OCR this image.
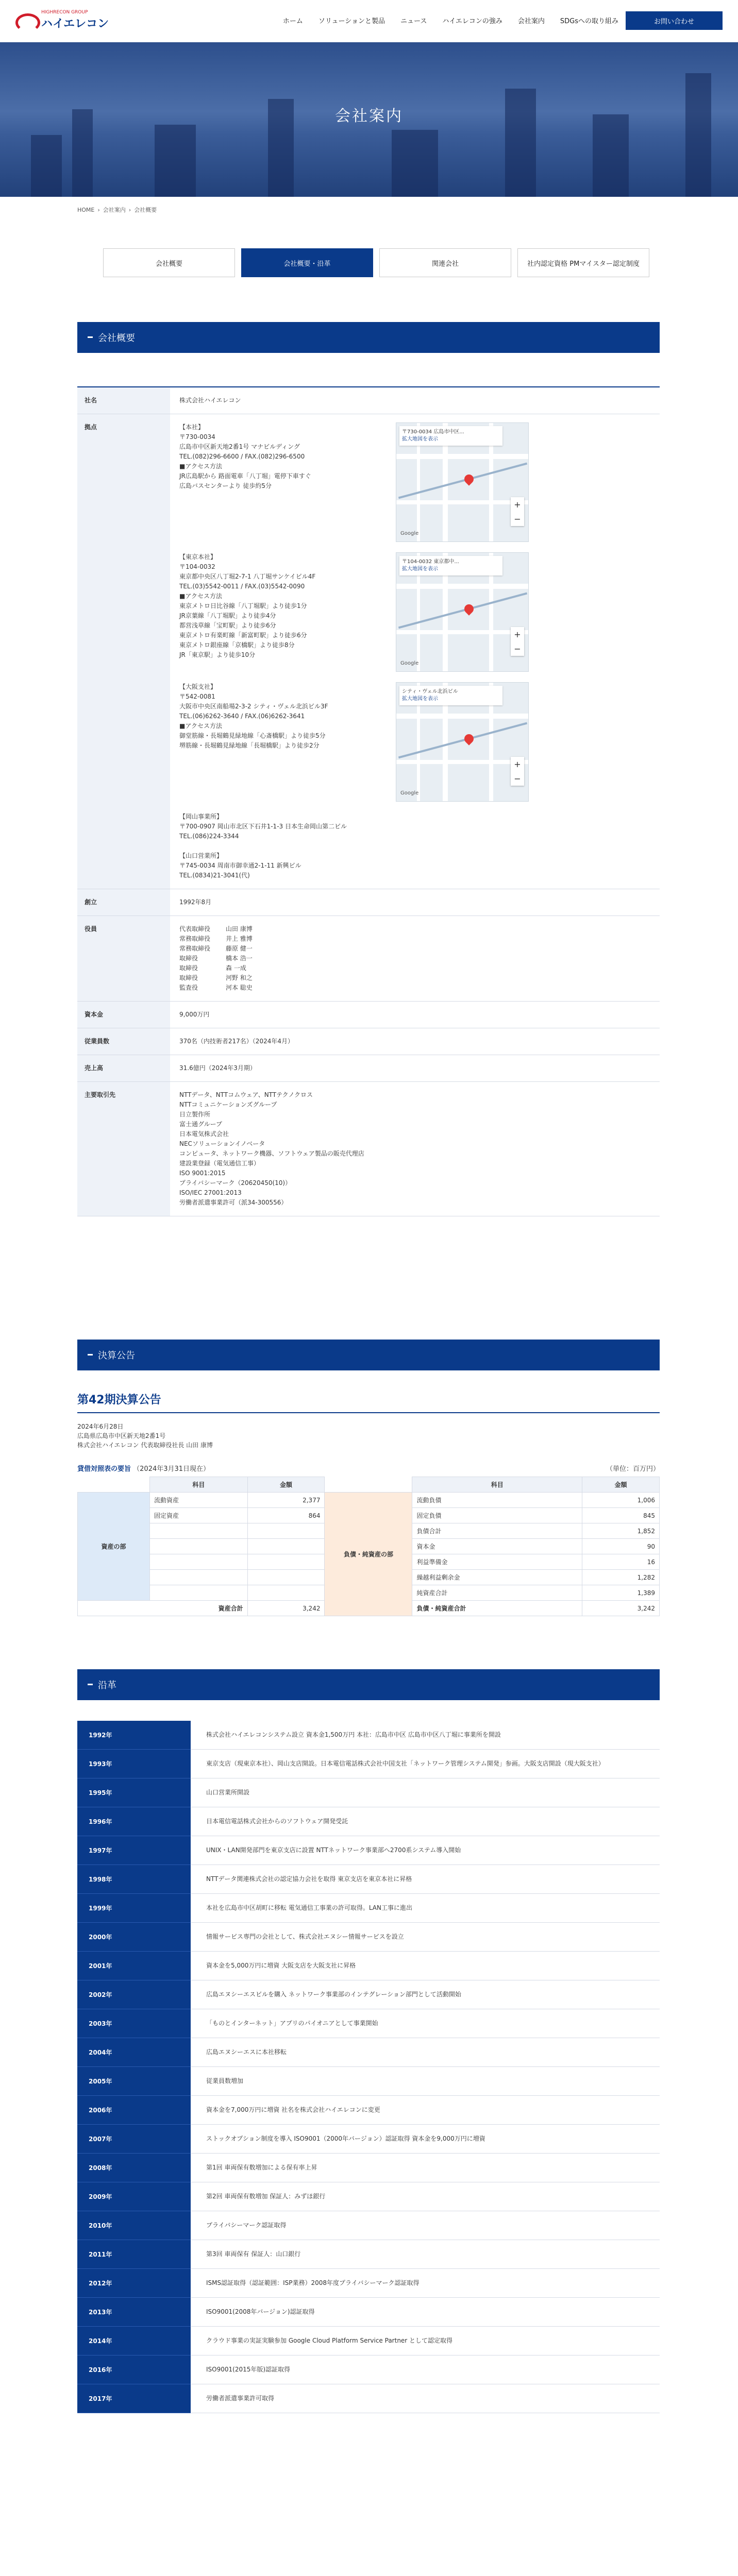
HIGHRECON GROUP
ハイエレコン	ホーム ソリューションと製品 ニュース ハイエレコンの強み 会社案内 SDGsへの取り組み	お問い合わせ
会社案内
HOME › 会社案内 › 会社概要
会社概要	会社概要・沿革	関連会社	社内認定資格 PMマイスター認定制度
会社概要
社名	株式会社ハイエレコン
拠点	【本社】
〒730-0034
広島市中区新天地2番1号 マナビルディング
TEL.(082)296-6600 / FAX.(082)296-6500
■アクセス方法
JR広島駅から 路面電車「八丁堀」電停下車すぐ
広島バスセンターより 徒歩約5分
〒730-0034 広島市中区...
拡大地図を表示
+
−
Google
【東京本社】
〒104-0032
東京都中央区八丁堀2-7-1 八丁堀サンケイビル4F
TEL.(03)5542-0011 / FAX.(03)5542-0090
■アクセス方法
東京メトロ日比谷線「八丁堀駅」より徒歩1分
JR京葉線「八丁堀駅」より徒歩4分
都営浅草線「宝町駅」より徒歩6分
東京メトロ有楽町線「新富町駅」より徒歩6分
東京メトロ銀座線「京橋駅」より徒歩8分
JR「東京駅」より徒歩10分
〒104-0032 東京都中...
拡大地図を表示
+
−
Google
【大阪支社】
〒542-0081
大阪市中央区南船場2-3-2 シティ・ヴェル北浜ビル3F
TEL.(06)6262-3640 / FAX.(06)6262-3641
■アクセス方法
御堂筋線・長堀鶴見緑地線「心斎橋駅」より徒歩5分
堺筋線・長堀鶴見緑地線「長堀橋駅」より徒歩2分
シティ・ヴェル北浜ビル
拡大地図を表示
+
−
Google
【岡山事業所】
〒700-0907 岡山市北区下石井1-1-3 日本生命岡山第二ビル
TEL.(086)224-3344
【山口営業所】
〒745-0034 周南市御幸通2-1-11 新興ビル
TEL.(0834)21-3041(代)
創立	1992年8月
役員	代表取締役 山田 康博
常務取締役 井上 雅博
常務取締役 藤原 健一
取締役	橋本 浩一
取締役	森 一成
取締役	河野 和之
監査役	河本 聡史
資本金	9,000万円
従業員数	370名（内技術者217名）（2024年4月）
売上高	31.6億円（2024年3月期）
主要取引先	NTTデータ、NTTコムウェア、NTTテクノクロス
NTTコミュニケーションズグループ
日立製作所
富士通グループ
日本電気株式会社
NECソリューションイノベータ
コンピュータ、ネットワーク機器、ソフトウェア製品の販売代理店
建設業登録（電気通信工事）
ISO 9001:2015
プライバシーマーク（20620450(10)）
ISO/IEC 27001:2013
労働者派遣事業許可（派34-300556）
決算公告
第42期決算公告
2024年6月28日
広島県広島市中区新天地2番1号
株式会社ハイエレコン 代表取締役社長 山田 康博
貸借対照表の要旨 （2024年3月31日現在）	（単位：百万円）
	科目	金額		科目	金額
資産の部	流動資産	2,377	負債・純資産の部	流動負債	1,006
	固定資産	864		固定負債	845
				負債合計	1,852
				資本金	90
				利益準備金	16
				繰越利益剰余金	1,282
				純資産合計	1,389
資産合計		3,242		負債・純資産合計	3,242
沿革
1992年	株式会社ハイエレコンシステム設立 資本金1,500万円 本社：広島市中区 広島市中区八丁堀に事業所を開設
1993年	東京支店（現東京本社）、岡山支店開設。日本電信電話株式会社中国支社「ネットワーク管理システム開発」参画。大阪支店開設（現大阪支社）
1995年	山口営業所開設
1996年	日本電信電話株式会社からのソフトウェア開発受託
1997年	UNIX・LAN開発部門を東京支店に設置 NTTネットワーク事業部へ2700系システム導入開始
1998年	NTTデータ関連株式会社の認定協力会社を取得 東京支店を東京本社に昇格
1999年	本社を広島市中区胡町に移転 電気通信工事業の許可取得。LAN工事に進出
2000年	情報サービス専門の会社として、株式会社エヌシー情報サービスを設立
2001年	資本金を5,000万円に増資 大阪支店を大阪支社に昇格
2002年	広島エヌシーエスビルを購入 ネットワーク事業部のインテグレーション部門として活動開始
2003年	「ものとインターネット」アプリのパイオニアとして事業開始
2004年	広島エヌシーエスに本社移転
2005年	従業員数増加
2006年	資本金を7,000万円に増資 社名を株式会社ハイエレコンに変更
2007年	ストックオプション制度を導入 ISO9001（2000年バージョン）認証取得 資本金を9,000万円に増資
2008年	第1回 車両保有数増加による保有率上昇
2009年	第2回 車両保有数増加 保証人：みずほ銀行
2010年	プライバシーマーク認証取得
2011年	第3回 車両保有 保証人：山口銀行
2012年	ISMS認証取得（認証範囲：ISP業務）2008年度プライバシーマーク認証取得
2013年	ISO9001(2008年バージョン)認証取得
2014年	クラウド事業の実証実験参加 Google Cloud Platform Service Partner として認定取得
2016年	ISO9001(2015年版)認証取得
2017年	労働者派遣事業許可取得
